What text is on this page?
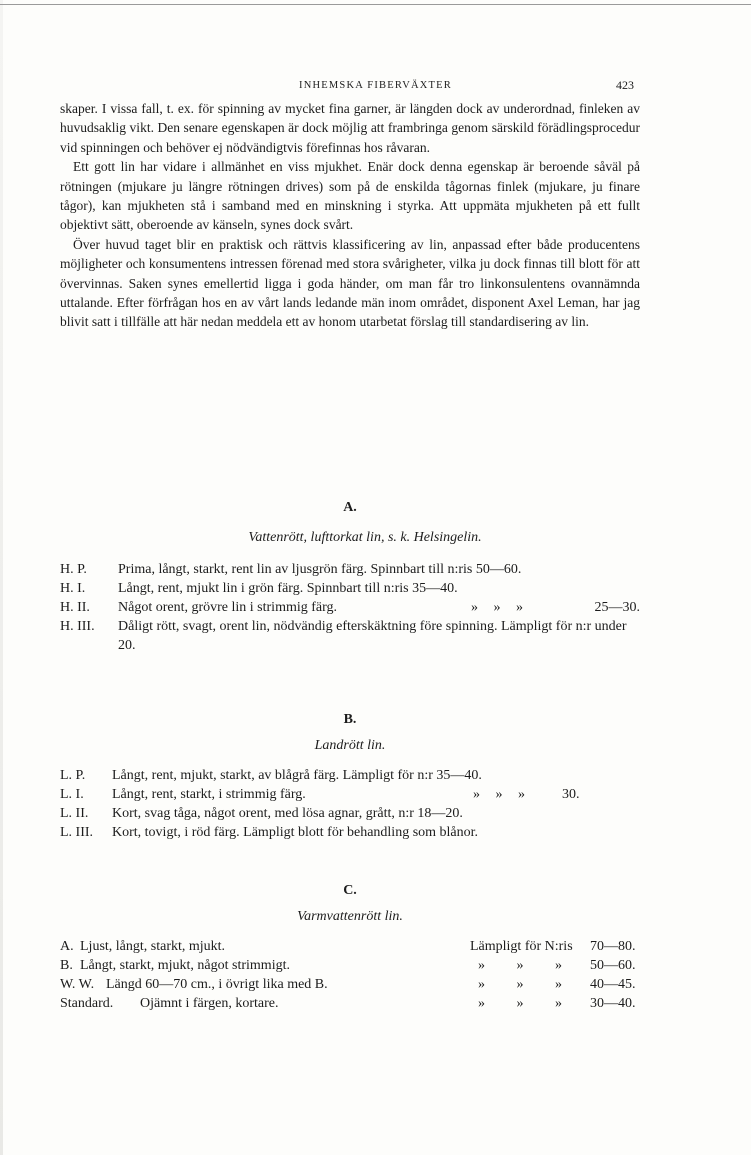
INHEMSKA FIBERVÄXTER	423

skaper. I vissa fall, t. ex. för spinning av mycket fina garner, är längden dock av underordnad, finleken av huvudsaklig vikt. Den senare egenskapen är dock möjlig att frambringa genom särskild förädlingsprocedur vid spinningen och behöver ej nödvändigtvis förefinnas hos råvaran.

Ett gott lin har vidare i allmänhet en viss mjukhet. Enär dock denna egenskap är beroende såväl på rötningen (mjukare ju längre rötningen drives) som på de enskilda tågornas finlek (mjukare, ju finare tågor), kan mjukheten stå i samband med en minskning i styrka. Att uppmäta mjukheten på ett fullt objektivt sätt, oberoende av känseln, synes dock svårt.

Över huvud taget blir en praktisk och rättvis klassificering av lin, anpassad efter både producentens möjligheter och konsumentens intressen förenad med stora svårigheter, vilka ju dock finnas till blott för att övervinnas. Saken synes emellertid ligga i goda händer, om man får tro linkonsulentens ovannämnda uttalande. Efter förfrågan hos en av vårt lands ledande män inom området, disponent Axel Leman, har jag blivit satt i tillfälle att här nedan meddela ett av honom utarbetat förslag till standardisering av lin.

A.
Vattenrött, lufttorkat lin, s. k. Helsingelin.
H. P.	Prima, långt, starkt, rent lin av ljusgrön färg. Spinnbart till n:ris 50—60.
H. I.	Långt, rent, mjukt lin i grön färg. Spinnbart till n:ris 35—40.
H. II.	Något orent, grövre lin i strimmig färg.	» » »	25—30.
H. III.	Dåligt rött, svagt, orent lin, nödvändig efterskäktning före spinning. Lämpligt för n:r under 20.
B.
Landrött lin.
L. P.	Långt, rent, mjukt, starkt, av blågrå färg. Lämpligt för n:r 35—40.
L. I.	Långt, rent, starkt, i strimmig färg.	» » »	30.
L. II.	Kort, svag tåga, något orent, med lösa agnar, grått, n:r 18—20.
L. III.	Kort, tovigt, i röd färg. Lämpligt blott för behandling som blånor.
C.
Varmvattenrött lin.
A. Ljust, långt, starkt, mjukt.	Lämpligt för N:ris	70—80.
B. Långt, starkt, mjukt, något strimmigt.	» » »	50—60.
W. W. Längd 60—70 cm., i övrigt lika med B.	» » »	40—45.
Standard.	Ojämnt i färgen, kortare.	» » »	30—40.
